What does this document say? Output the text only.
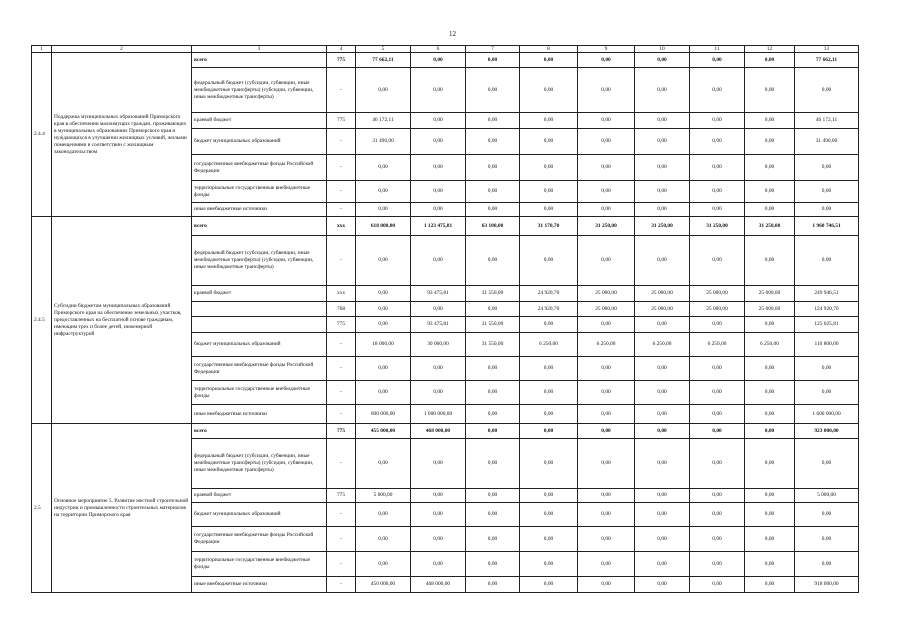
12
1	2	3	4	5	6	7	8	9	10	11	12	13
2.4.4	Поддержка муниципальных образований Приморского края в обеспечении малоимущих граждан, проживающих в муниципальных образованиях Приморского края и нуждающихся в улучшении жилищных условий, жилыми помещениями в соответствии с жилищным законодательством	всего	775	77 662,11	0,00	0,00	0,00	0,00	0,00	0,00	0,00	77 662,11
		федеральный бюджет (субсидии, субвенции, иные межбюджетные трансферты) (субсидии, субвенции, иные межбюджетные трансферты)	-	0,00	0,00	0,00	0,00	0,00	0,00	0,00	0,00	0,00
		краевой бюджет	775	46 172,11	0,00	0,00	0,00	0,00	0,00	0,00	0,00	46 172,11
		бюджет муниципальных образований	-	31 490,00	0,00	0,00	0,00	0,00	0,00	0,00	0,00	31 490,00
		государственные внебюджетные фонды Российской Федерации	-	0,00	0,00	0,00	0,00	0,00	0,00	0,00	0,00	0,00
		территориальные государственные внебюджетные фонды	-	0,00	0,00	0,00	0,00	0,00	0,00	0,00	0,00	0,00
		иные внебюджетные источники	-	0,00	0,00	0,00	0,00	0,00	0,00	0,00	0,00	0,00
2.4.5	Субсидии бюджетам муниципальных образований Приморского края на обеспечение земельных участков, предоставленных на бесплатной основе гражданам, имеющим трех и более детей, инженерной инфраструктурой	всего	xxx	618 000,00	1 123 475,81	63 100,00	31 170,70	31 250,00	31 250,00	31 250,00	31 250,00	1 960 746,51
		федеральный бюджет (субсидии, субвенции, иные межбюджетные трансферты) (субсидии, субвенции, иные межбюджетные трансферты)	-	0,00	0,00	0,00	0,00	0,00	0,00	0,00	0,00	0,00
		краевой бюджет	xxx	0,00	93 475,81	31 550,00	24 920,70	25 000,00	25 000,00	25 000,00	25 000,00	249 946,51
			768	0,00	0,00	0,00	24 920,70	25 000,00	25 000,00	25 000,00	25 000,00	124 920,70
			775	0,00	93 475,81	31 550,00	0,00	0,00	0,00	0,00	0,00	125 025,81
		бюджет муниципальных образований	-	18 000,00	30 000,00	31 550,00	6 250,00	6 250,00	6 250,00	6 250,00	6 250,00	110 800,00
		государственные внебюджетные фонды Российской Федерации	-	0,00	0,00	0,00	0,00	0,00	0,00	0,00	0,00	0,00
		территориальные государственные внебюджетные фонды	-	0,00	0,00	0,00	0,00	0,00	0,00	0,00	0,00	0,00
		иные внебюджетные источники	-	600 000,00	1 000 000,00	0,00	0,00	0,00	0,00	0,00	0,00	1 600 000,00
2.5	Основное мероприятие 5. Развитие местной строительной индустрии и промышленности строительных материалов на территории Приморского края	всего	775	455 000,00	468 000,00	0,00	0,00	0,00	0,00	0,00	0,00	923 000,00
		федеральный бюджет (субсидии, субвенции, иные межбюджетные трансферты) (субсидии, субвенции, иные межбюджетные трансферты)	-	0,00	0,00	0,00	0,00	0,00	0,00	0,00	0,00	0,00
		краевой бюджет	775	5 000,00	0,00	0,00	0,00	0,00	0,00	0,00	0,00	5 000,00
		бюджет муниципальных образований	-	0,00	0,00	0,00	0,00	0,00	0,00	0,00	0,00	0,00
		государственные внебюджетные фонды Российской Федерации	-	0,00	0,00	0,00	0,00	0,00	0,00	0,00	0,00	0,00
		территориальные государственные внебюджетные фонды	-	0,00	0,00	0,00	0,00	0,00	0,00	0,00	0,00	0,00
		иные внебюджетные источники	-	450 000,00	468 000,00	0,00	0,00	0,00	0,00	0,00	0,00	918 000,00
